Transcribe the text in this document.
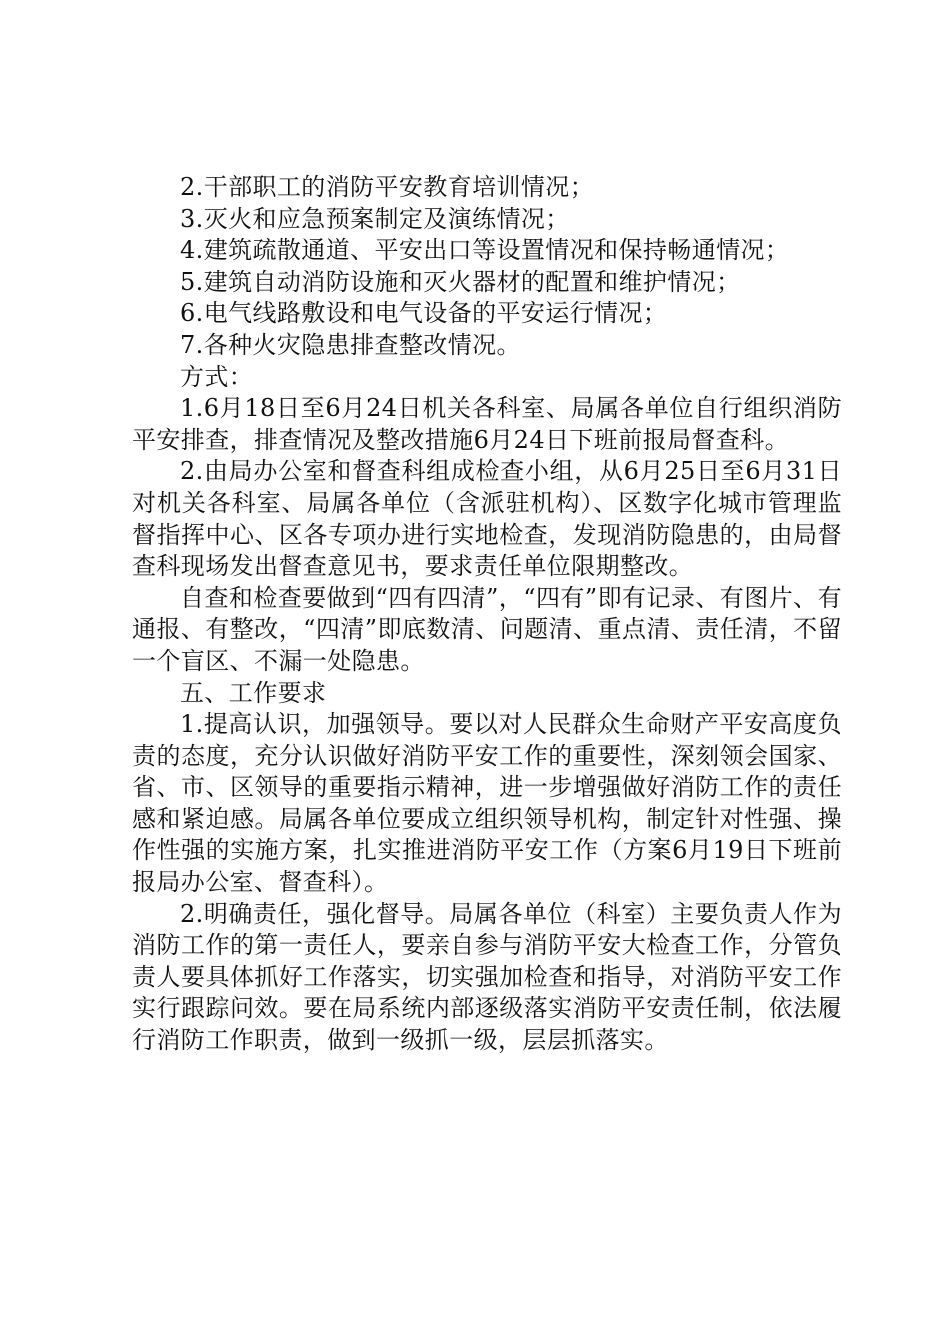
2.干部职工的消防平安教育培训情况；

3.灭火和应急预案制定及演练情况；

4.建筑疏散通道、平安出口等设置情况和保持畅通情况；

5.建筑自动消防设施和灭火器材的配置和维护情况；

6.电气线路敷设和电气设备的平安运行情况；

7.各种火灾隐患排查整改情况。

方式：

1.6月18日至6月24日机关各科室、局属各单位自行组织消防平安排查，排查情况及整改措施6月24日下班前报局督查科。

2.由局办公室和督查科组成检查小组，从6月25日至6月31日对机关各科室、局属各单位（含派驻机构）、区数字化城市管理监督指挥中心、区各专项办进行实地检查，发现消防隐患的，由局督查科现场发出督查意见书，要求责任单位限期整改。

自查和检查要做到“四有四清”，“四有”即有记录、有图片、有通报、有整改，“四清”即底数清、问题清、重点清、责任清，不留一个盲区、不漏一处隐患。

五、工作要求

1.提高认识，加强领导。要以对人民群众生命财产平安高度负责的态度，充分认识做好消防平安工作的重要性，深刻领会国家、省、市、区领导的重要指示精神，进一步增强做好消防工作的责任感和紧迫感。局属各单位要成立组织领导机构，制定针对性强、操作性强的实施方案，扎实推进消防平安工作（方案6月19日下班前报局办公室、督查科）。

2.明确责任，强化督导。局属各单位（科室）主要负责人作为消防工作的第一责任人，要亲自参与消防平安大检查工作，分管负责人要具体抓好工作落实，切实强加检查和指导，对消防平安工作实行跟踪问效。要在局系统内部逐级落实消防平安责任制，依法履行消防工作职责，做到一级抓一级，层层抓落实。
